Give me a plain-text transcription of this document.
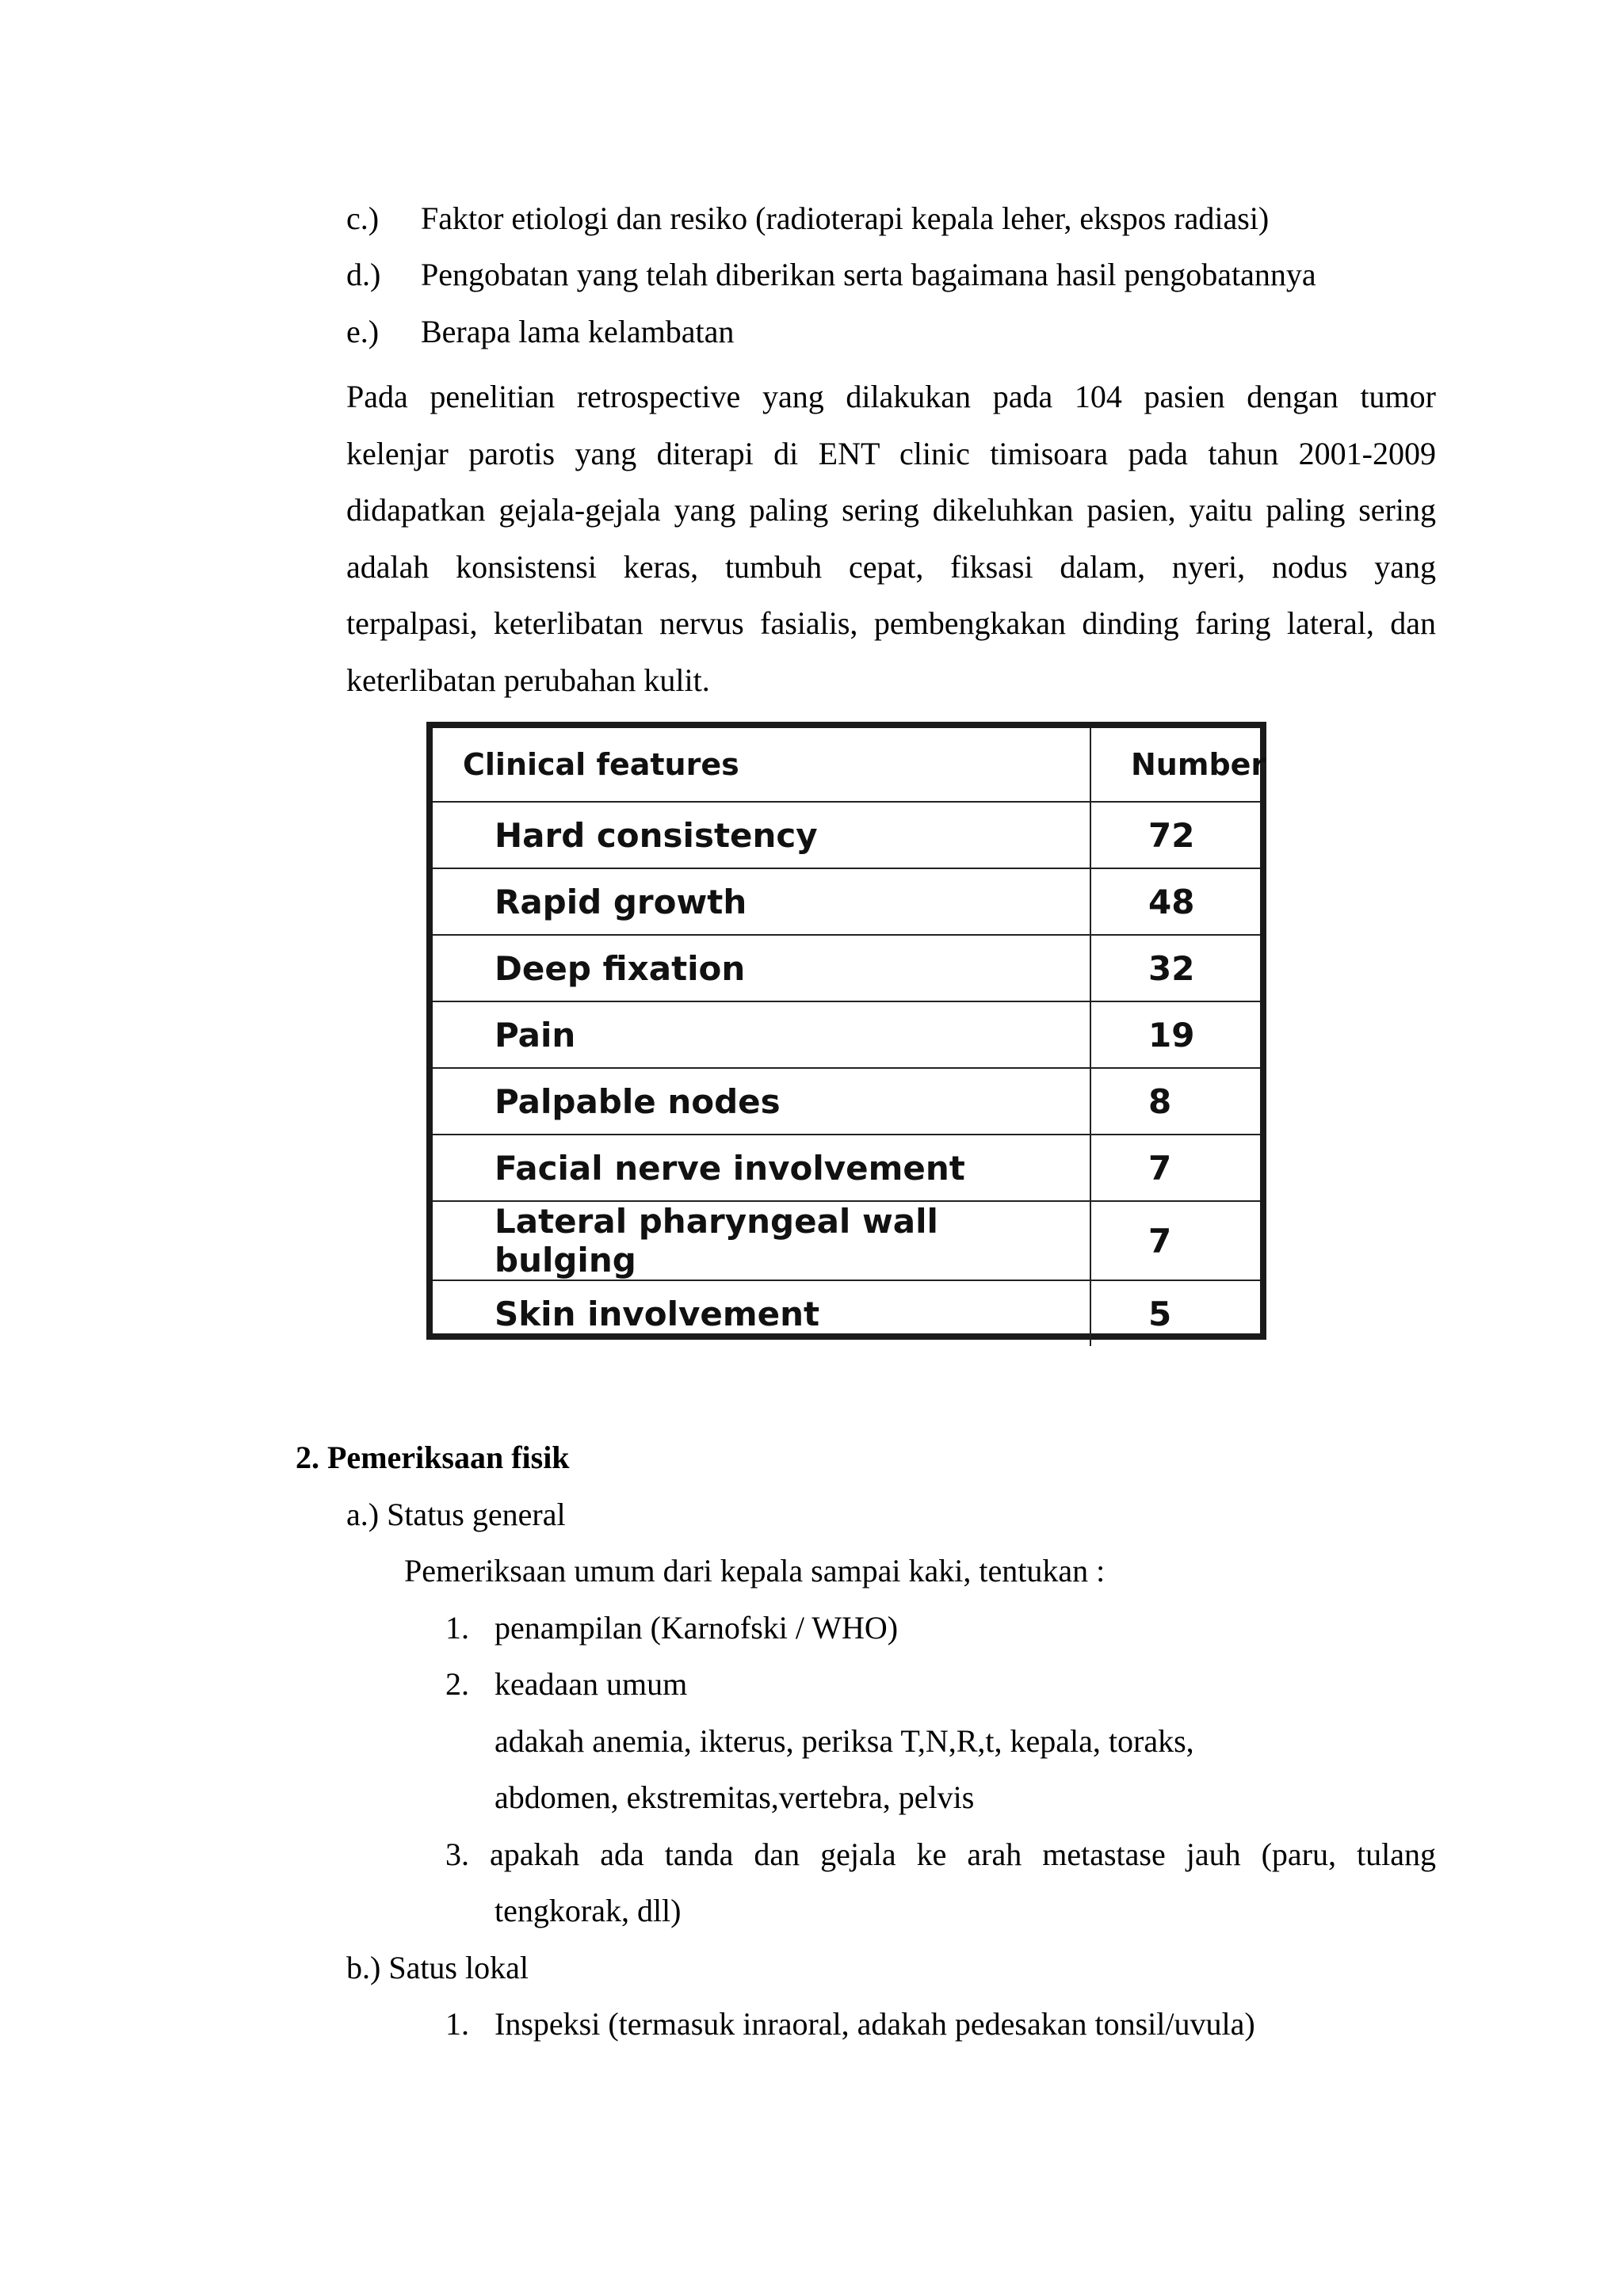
c.) Faktor etiologi dan resiko (radioterapi kepala leher, ekspos radiasi)
d.) Pengobatan yang telah diberikan serta bagaimana hasil pengobatannya
e.) Berapa lama kelambatan
Pada penelitian retrospective yang dilakukan pada 104 pasien dengan tumor
kelenjar parotis yang diterapi di ENT clinic timisoara pada tahun 2001-2009
didapatkan gejala-gejala yang paling sering dikeluhkan pasien, yaitu paling sering
adalah konsistensi keras, tumbuh cepat, fiksasi dalam, nyeri, nodus yang
terpalpasi, keterlibatan nervus fasialis, pembengkakan dinding faring lateral, dan
keterlibatan perubahan kulit.
Clinical features	Number
Hard consistency	72
Rapid growth	48
Deep fixation	32
Pain	19
Palpable nodes	8
Facial nerve involvement	7
Lateral pharyngeal wall bulging	7
Skin involvement	5
2. Pemeriksaan fisik
a.) Status general
Pemeriksaan umum dari kepala sampai kaki, tentukan :
1. penampilan (Karnofski / WHO)
2. keadaan umum
adakah anemia, ikterus, periksa T,N,R,t, kepala, toraks,
abdomen, ekstremitas,vertebra, pelvis
3. apakah ada tanda dan gejala ke arah metastase jauh (paru, tulang
tengkorak, dll)
b.) Satus lokal
1. Inspeksi (termasuk inraoral, adakah pedesakan tonsil/uvula)
